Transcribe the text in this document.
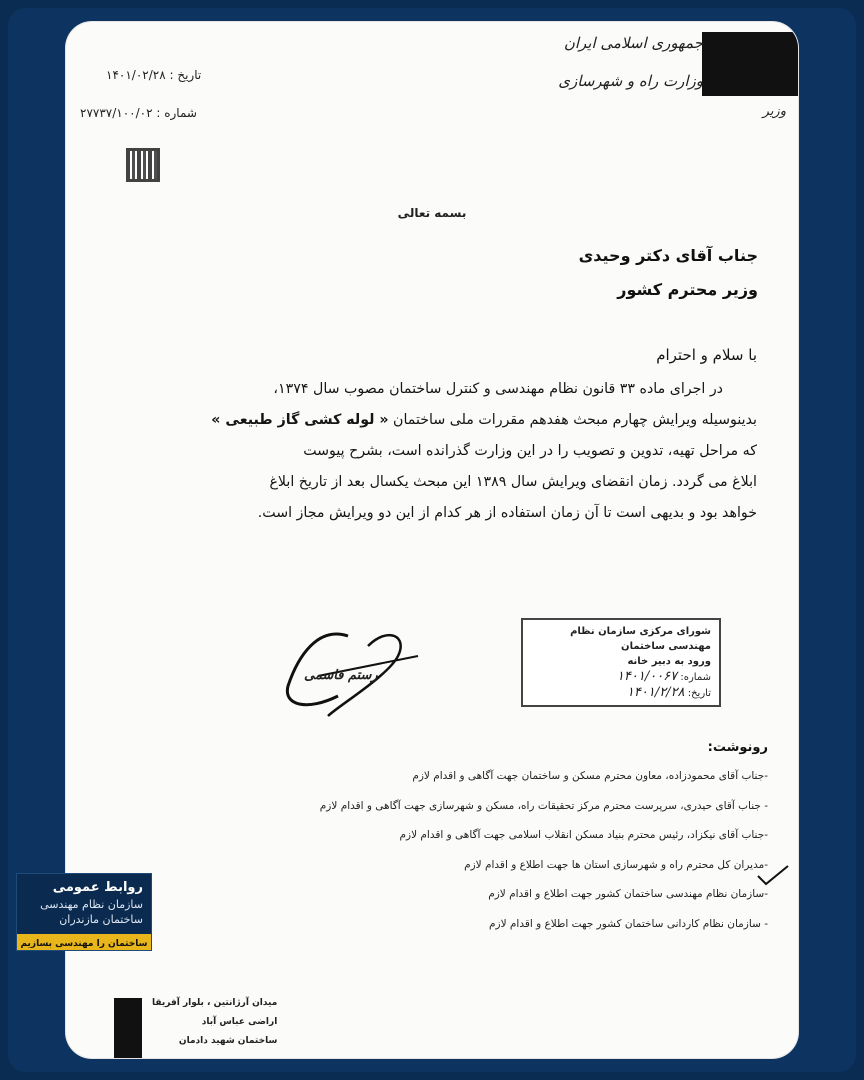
جمهوری اسلامی ایران
وزارت راه و شهرسازی
وزیر
تاریخ : ۱۴۰۱/۰۲/۲۸
شماره : ۲۷۷۳۷/۱۰۰/۰۲
بسمه تعالی
جناب آقای دکتر وحیدی
وزیر محترم کشور

با سلام و احترام

در اجرای ماده ۳۳ قانون نظام مهندسی و کنترل ساختمان مصوب سال ۱۳۷۴،

بدینوسیله ویرایش چهارم مبحث هفدهم مقررات ملی ساختمان « لوله کشی گاز طبیعی »

که مراحل تهیه، تدوین و تصویب را در این وزارت گذرانده است، بشرح پیوست

ابلاغ می گردد. زمان انقضای ویرایش سال ۱۳۸۹ این مبحث یکسال بعد از تاریخ ابلاغ

خواهد بود و بدیهی است تا آن زمان استفاده از هر کدام از این دو ویرایش مجاز است.

رستم قاسمی
شورای مرکزی سازمان نظام مهندسی ساختمان
ورود به دبیر خانه
شماره: ۱۴۰۱/۰۰۶۷
تاریخ: ۱۴۰۱/۲/۲۸
رونوشت:
-جناب آقای محمودزاده، معاون محترم مسکن و ساختمان جهت آگاهی و اقدام لازم
- جناب آقای حیدری، سرپرست محترم مرکز تحقیقات راه، مسکن و شهرسازی جهت آگاهی و اقدام لازم
-جناب آقای نیکزاد، رئیس محترم بنیاد مسکن انقلاب اسلامی جهت آگاهی و اقدام لازم
-مدیران کل محترم راه و شهرسازی استان ها جهت اطلاع و اقدام لازم
-سازمان نظام مهندسی ساختمان کشور جهت اطلاع و اقدام لازم
- سازمان نظام کاردانی ساختمان کشور جهت اطلاع و اقدام لازم
میدان آرژانتین ، بلوار آفریقا
اراضی عباس آباد
ساختمان شهید دادمان
روابط عمومی
سازمان نظام مهندسی
ساختمان مازندران
ساختمان را مهندسی بسازیم
